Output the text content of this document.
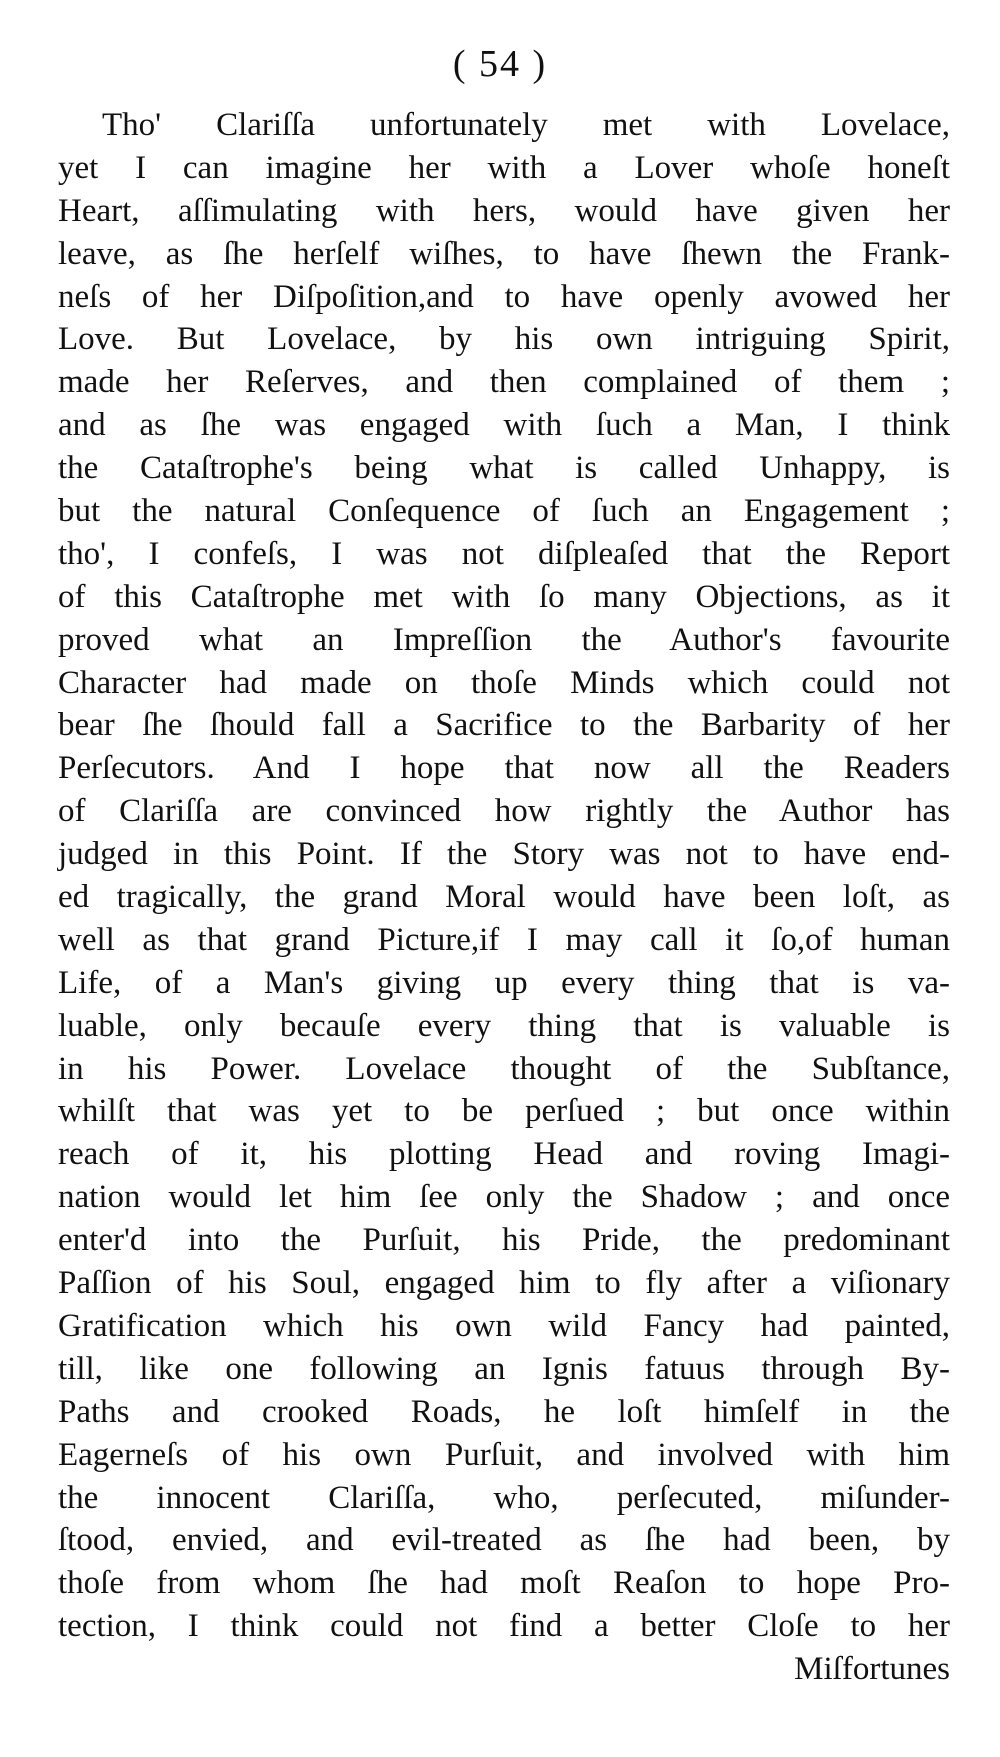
( 54 )
Tho' Clariſſa unfortunately met with Lovelace,
yet I can imagine her with a Lover whoſe honeſt
Heart, aſſimulating with hers, would have given her
leave, as ſhe herſelf wiſhes, to have ſhewn the Frank-
neſs of her Diſpoſition,and to have openly avowed her
Love. But Lovelace, by his own intriguing Spirit,
made her Reſerves, and then complained of them ;
and as ſhe was engaged with ſuch a Man, I think
the Cataſtrophe's being what is called Unhappy, is
but the natural Conſequence of ſuch an Engagement ;
tho', I confeſs, I was not diſpleaſed that the Report
of this Cataſtrophe met with ſo many Objections, as it
proved what an Impreſſion the Author's favourite
Character had made on thoſe Minds which could not
bear ſhe ſhould fall a Sacrifice to the Barbarity of her
Perſecutors. And I hope that now all the Readers
of Clariſſa are convinced how rightly the Author has
judged in this Point. If the Story was not to have end-
ed tragically, the grand Moral would have been loſt, as
well as that grand Picture,if I may call it ſo,of human
Life, of a Man's giving up every thing that is va-
luable, only becauſe every thing that is valuable is
in his Power. Lovelace thought of the Subſtance,
whilſt that was yet to be perſued ; but once within
reach of it, his plotting Head and roving Imagi-
nation would let him ſee only the Shadow ; and once
enter'd into the Purſuit, his Pride, the predominant
Paſſion of his Soul, engaged him to fly after a viſionary
Gratification which his own wild Fancy had painted,
till, like one following an Ignis fatuus through By-
Paths and crooked Roads, he loſt himſelf in the
Eagerneſs of his own Purſuit, and involved with him
the innocent Clariſſa, who, perſecuted, miſunder-
ſtood, envied, and evil-treated as ſhe had been, by
thoſe from whom ſhe had moſt Reaſon to hope Pro-
tection, I think could not find a better Cloſe to her
Miſfortunes
